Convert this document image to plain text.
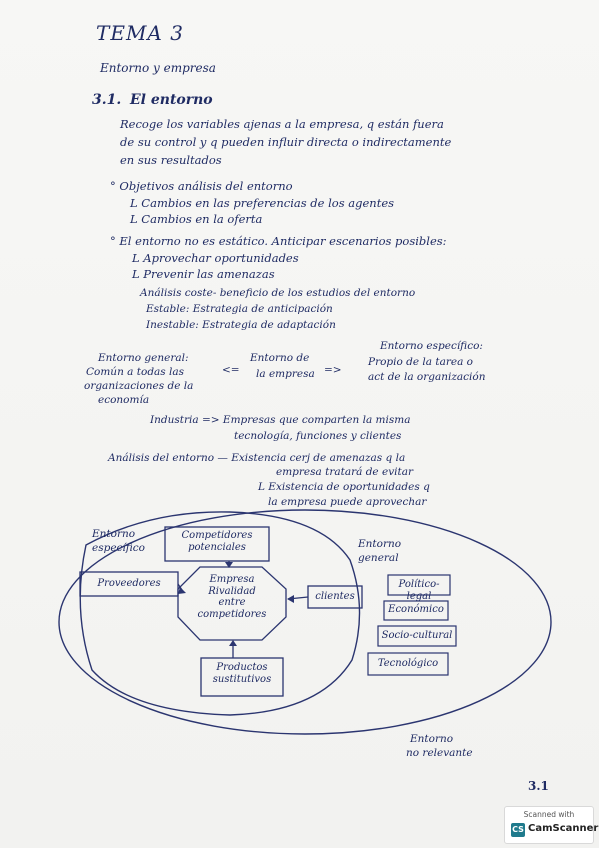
TEMA 3
Entorno y empresa
3.1. El entorno
Recoge los variables ajenas a la empresa, q están fuera
de su control y q pueden influir directa o indirectamente
en sus resultados
° Objetivos análisis del entorno
L Cambios en las preferencias de los agentes
L Cambios en la oferta
° El entorno no es estático. Anticipar escenarios posibles:
L Aprovechar oportunidades
L Prevenir las amenazas
Análisis coste- beneficio de los estudios del entorno
Estable: Estrategia de anticipación
Inestable: Estrategia de adaptación
Entorno general:
Común a todas las
organizaciones de la
economía
<=
Entorno de
la empresa =>
Entorno específico:
Propio de la tarea o
act de la organización
Industria => Empresas que comparten la misma
tecnología, funciones y clientes
Análisis del entorno — Existencia cerj de amenazas q la
empresa tratará de evitar
L Existencia de oportunidades q
la empresa puede aprovechar
Entorno
específico	Entorno
general
Competidores
potenciales
Proveedores	Empresa
Rivalidad
entre
competidores
clientes
Productos
sustitutivos
Político-legal
Económico
Socio-cultural
Tecnológico
Entorno
no relevante
3.1
Scanned with
CS CamScanner
